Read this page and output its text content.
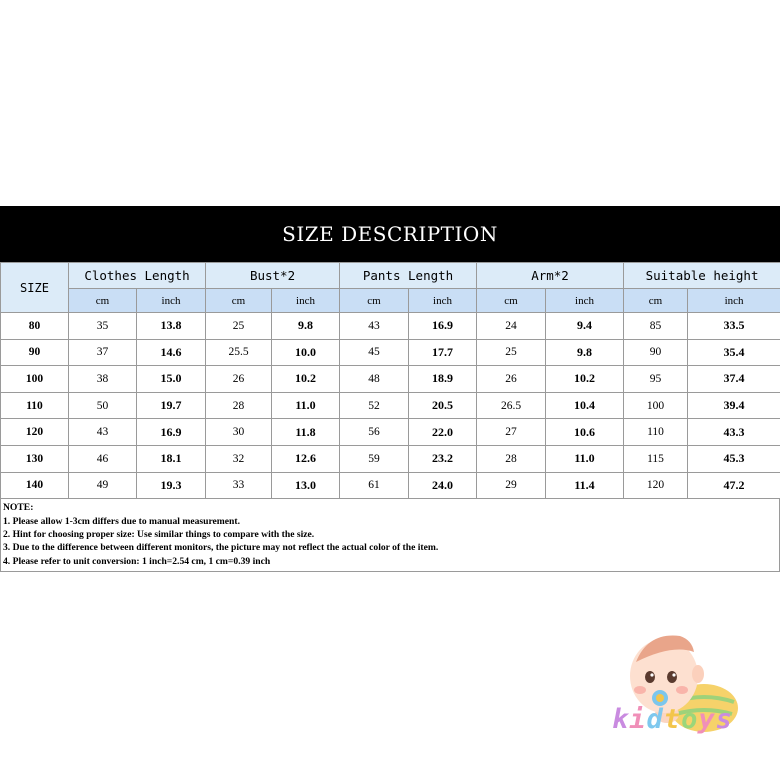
SIZE DESCRIPTION
SIZE	Clothes Length		Bust*2		Pants Length		Arm*2		Suitable height	
	cm	inch	cm	inch	cm	inch	cm	inch	cm	inch
80	35	13.8	25	9.8	43	16.9	24	9.4	85	33.5
90	37	14.6	25.5	10.0	45	17.7	25	9.8	90	35.4
100	38	15.0	26	10.2	48	18.9	26	10.2	95	37.4
110	50	19.7	28	11.0	52	20.5	26.5	10.4	100	39.4
120	43	16.9	30	11.8	56	22.0	27	10.6	110	43.3
130	46	18.1	32	12.6	59	23.2	28	11.0	115	45.3
140	49	19.3	33	13.0	61	24.0	29	11.4	120	47.2
NOTE:
1. Please allow 1-3cm differs due to manual measurement.
2. Hint for choosing proper size: Use similar things to compare with the size.
3. Due to the difference between different monitors, the picture may not reflect the actual color of the item.
4. Please refer to unit conversion: 1 inch=2.54 cm, 1 cm=0.39 inch
kidtoys
